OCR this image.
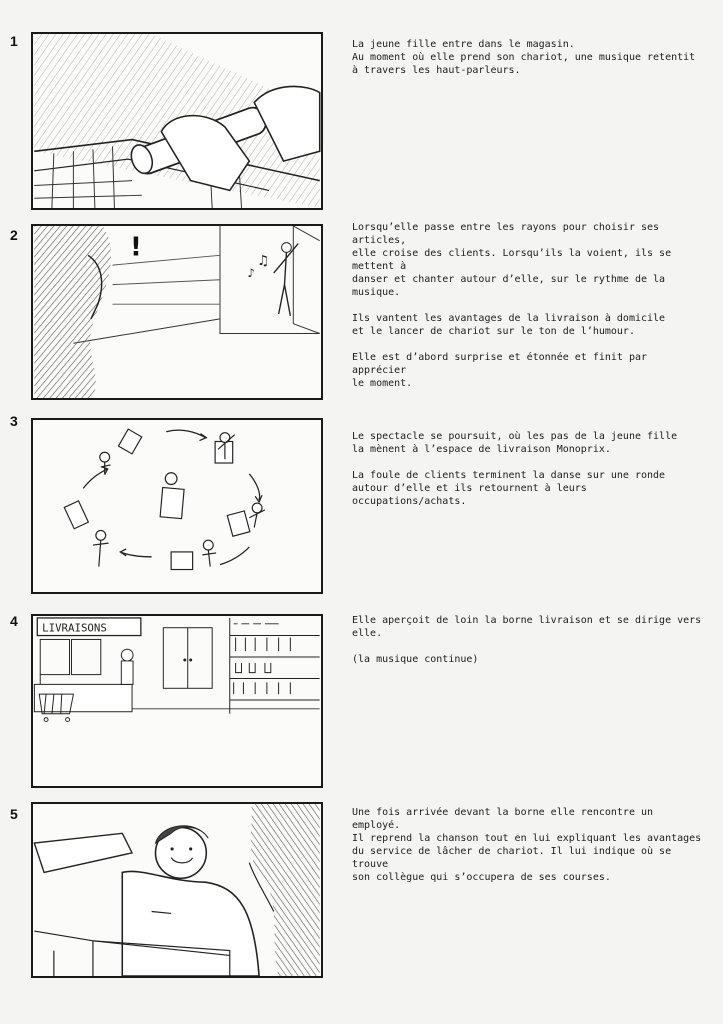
1	La jeune fille entre dans le magasin.
Au moment où elle prend son chariot, une musique retentit
à travers les haut-parleurs.

2	!	♫
♪

Lorsqu’elle passe entre les rayons pour choisir ses articles,
elle croise des clients. Lorsqu’ils la voient, ils se mettent à
danser et chanter autour d’elle, sur le rythme de la musique.

Ils vantent les avantages de la livraison à domicile
et le lancer de chariot sur le ton de l’humour.

Elle est d’abord surprise et étonnée et finit par apprécier
le moment.

3

Le spectacle se poursuit, où les pas de la jeune fille
la mènent à l’espace de livraison Monoprix.

La foule de clients terminent la danse sur une ronde
autour d’elle et ils retournent à leurs occupations/achats.

4 LIVRAISONS

Elle aperçoit de loin la borne livraison et se dirige vers elle.

(la musique continue)

5	Une fois arrivée devant la borne elle rencontre un employé.
Il reprend la chanson tout en lui expliquant les avantages
du service de lâcher de chariot. Il lui indique où se trouve
son collègue qui s’occupera de ses courses.
